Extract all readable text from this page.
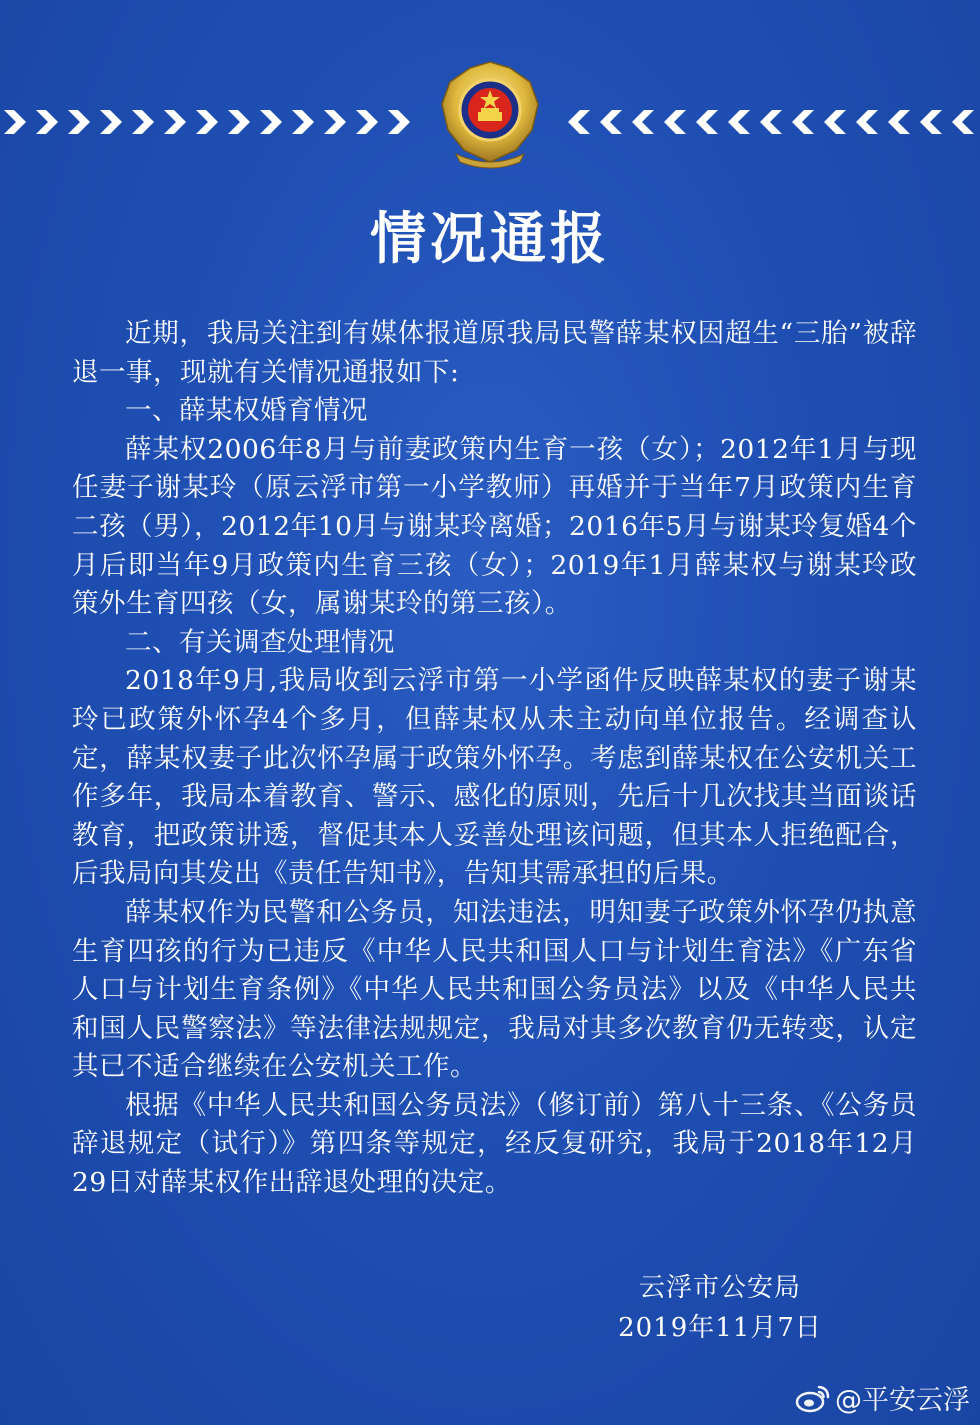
情况通报

近期，我局关注到有媒体报道原我局民警薛某权因超生“三胎”被辞退一事，现就有关情况通报如下:

一、薛某权婚育情况

薛某权2006年8月与前妻政策内生育一孩（女）；2012年1月与现任妻子谢某玲（原云浮市第一小学教师）再婚并于当年7月政策内生育二孩（男），2012年10月与谢某玲离婚；2016年5月与谢某玲复婚4个月后即当年9月政策内生育三孩（女）；2019年1月薛某权与谢某玲政策外生育四孩（女，属谢某玲的第三孩）。

二、有关调查处理情况

2018年9月,我局收到云浮市第一小学函件反映薛某权的妻子谢某玲已政策外怀孕4个多月，但薛某权从未主动向单位报告。经调查认定，薛某权妻子此次怀孕属于政策外怀孕。考虑到薛某权在公安机关工作多年，我局本着教育、警示、感化的原则，先后十几次找其当面谈话教育，把政策讲透，督促其本人妥善处理该问题，但其本人拒绝配合，后我局向其发出《责任告知书》，告知其需承担的后果。

薛某权作为民警和公务员，知法违法，明知妻子政策外怀孕仍执意生育四孩的行为已违反《中华人民共和国人口与计划生育法》《广东省人口与计划生育条例》《中华人民共和国公务员法》以及《中华人民共和国人民警察法》等法律法规规定，我局对其多次教育仍无转变，认定其已不适合继续在公安机关工作。

根据《中华人民共和国公务员法》（修订前）第八十三条、《公务员辞退规定（试行）》第四条等规定，经反复研究，我局于2018年12月29日对薛某权作出辞退处理的决定。

云浮市公安局
2019年11月7日
@平安云浮
